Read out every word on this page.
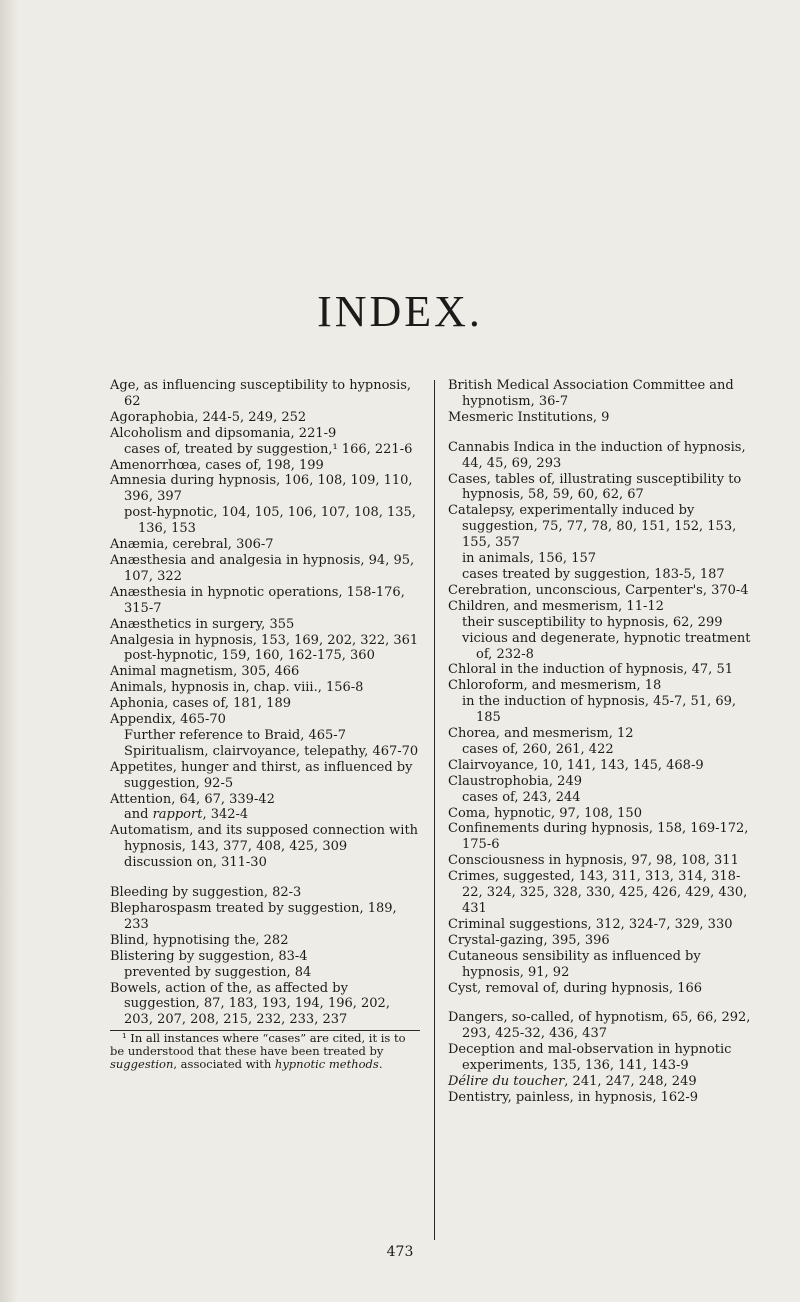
INDEX.
Age, as influencing susceptibility to hypnosis, 62
Agoraphobia, 244-5, 249, 252
Alcoholism and dipsomania, 221-9
cases of, treated by suggestion,¹ 166, 221-6
Amenorrhœa, cases of, 198, 199
Amnesia during hypnosis, 106, 108, 109, 110, 396, 397
post-hypnotic, 104, 105, 106, 107, 108, 135, 136, 153
Anæmia, cerebral, 306-7
Anæsthesia and analgesia in hypnosis, 94, 95, 107, 322
Anæsthesia in hypnotic operations, 158-176, 315-7
Anæsthetics in surgery, 355
Analgesia in hypnosis, 153, 169, 202, 322, 361
post-hypnotic, 159, 160, 162-175, 360
Animal magnetism, 305, 466
Animals, hypnosis in, chap. viii., 156-8
Aphonia, cases of, 181, 189
Appendix, 465-70
Further reference to Braid, 465-7
Spiritualism, clairvoyance, telepathy, 467-70
Appetites, hunger and thirst, as influenced by suggestion, 92-5
Attention, 64, 67, 339-42
and rapport, 342-4
Automatism, and its supposed connection with hypnosis, 143, 377, 408, 425, 309
discussion on, 311-30
Bleeding by suggestion, 82-3
Blepharospasm treated by suggestion, 189, 233
Blind, hypnotising the, 282
Blistering by suggestion, 83-4
prevented by suggestion, 84
Bowels, action of the, as affected by suggestion, 87, 183, 193, 194, 196, 202, 203, 207, 208, 215, 232, 233, 237
¹ In all instances where “cases” are cited, it is to be understood that these have been treated by suggestion, associated with hypnotic methods.
British Medical Association Committee and hypnotism, 36-7
Mesmeric Institutions, 9
Cannabis Indica in the induction of hypnosis, 44, 45, 69, 293
Cases, tables of, illustrating susceptibility to hypnosis, 58, 59, 60, 62, 67
Catalepsy, experimentally induced by suggestion, 75, 77, 78, 80, 151, 152, 153, 155, 357
in animals, 156, 157
cases treated by suggestion, 183-5, 187
Cerebration, unconscious, Carpenter's, 370-4
Children, and mesmerism, 11-12
their susceptibility to hypnosis, 62, 299
vicious and degenerate, hypnotic treatment of, 232-8
Chloral in the induction of hypnosis, 47, 51
Chloroform, and mesmerism, 18
in the induction of hypnosis, 45-7, 51, 69, 185
Chorea, and mesmerism, 12
cases of, 260, 261, 422
Clairvoyance, 10, 141, 143, 145, 468-9
Claustrophobia, 249
cases of, 243, 244
Coma, hypnotic, 97, 108, 150
Confinements during hypnosis, 158, 169-172, 175-6
Consciousness in hypnosis, 97, 98, 108, 311
Crimes, suggested, 143, 311, 313, 314, 318-22, 324, 325, 328, 330, 425, 426, 429, 430, 431
Criminal suggestions, 312, 324-7, 329, 330
Crystal-gazing, 395, 396
Cutaneous sensibility as influenced by hypnosis, 91, 92
Cyst, removal of, during hypnosis, 166
Dangers, so-called, of hypnotism, 65, 66, 292, 293, 425-32, 436, 437
Deception and mal-observation in hypnotic experiments, 135, 136, 141, 143-9
Délire du toucher, 241, 247, 248, 249
Dentistry, painless, in hypnosis, 162-9
473
